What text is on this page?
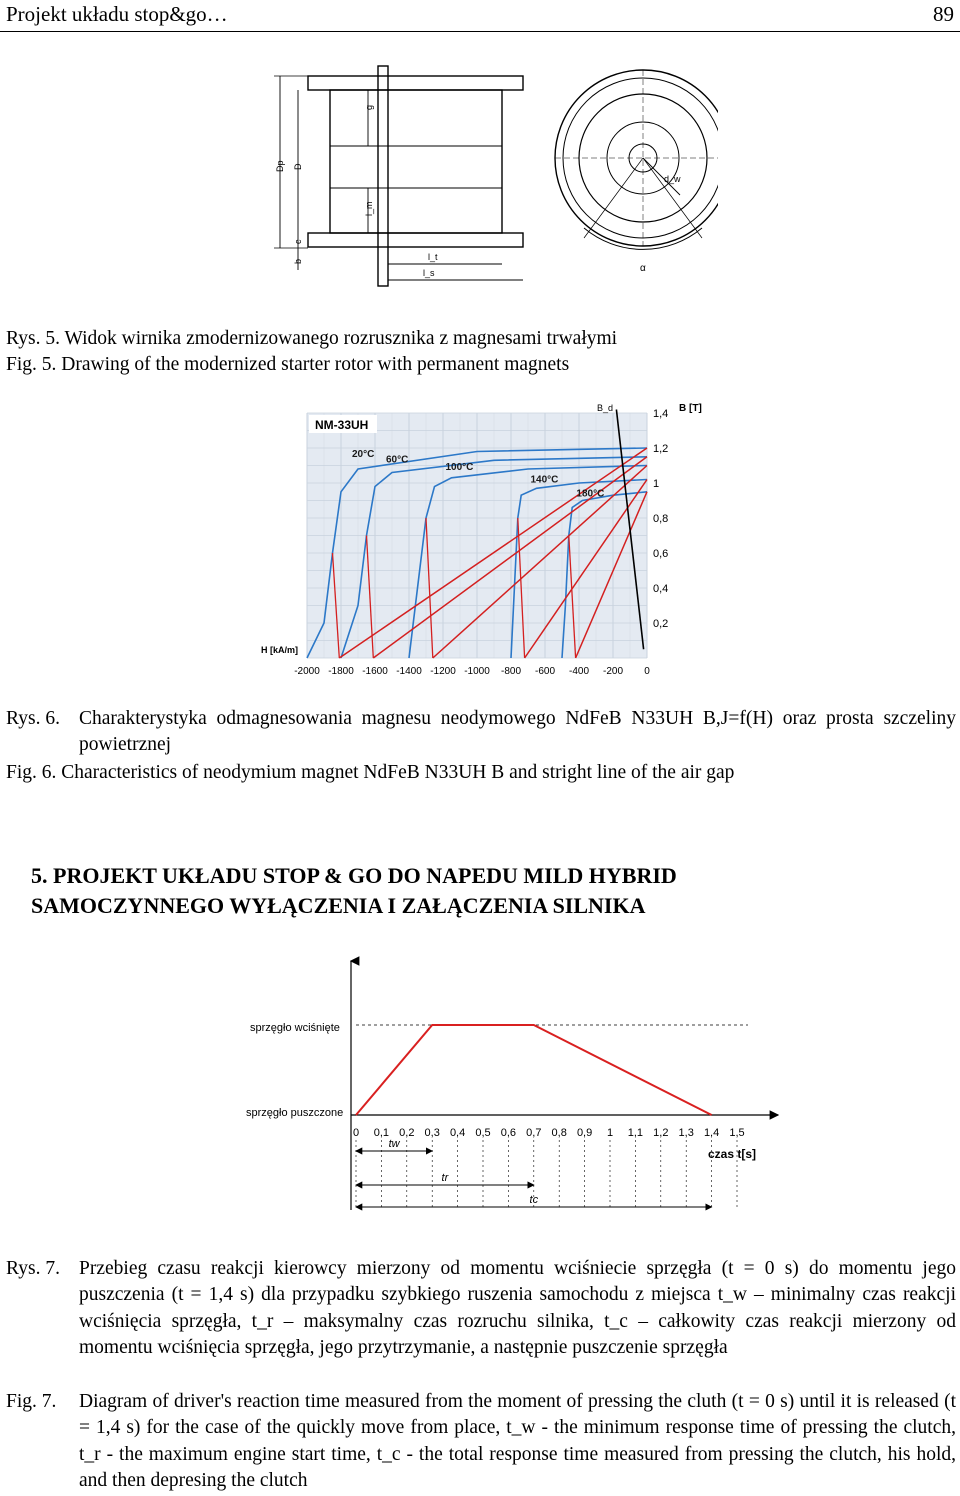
Projekt układu stop&go…	89
g
D
Dp
l_m
c
b	l_t
l_s
d_w
α
Rys. 5. Widok wirnika zmodernizowanego rozrusznika z magnesami trwałymi
Fig. 5. Drawing of the modernized starter rotor with permanent magnets
NM-33UH
B [T]
B_d
H [kA/m]
1,4
1,2
1
0,8
0,6
0,4
0,2
-2000 -1800 -1600 -1400 -1200 -1000 -800 -600 -400 -200 0
20°C 60°C
100°C
140°C
180°C
Rys. 6. Charakterystyka odmagnesowania magnesu neodymowego NdFeB N33UH B,J=f(H) oraz prosta szczeliny powietrznej
Fig. 6. Characteristics of neodymium magnet NdFeB N33UH B and stright line of the air gap
5. PROJEKT UKŁADU STOP & GO DO NAPEDU MILD HYBRID
SAMOCZYNNEGO WYŁĄCZENIA I ZAŁĄCZENIA SILNIKA
sprzęgło wciśnięte
sprzęgło puszczone
0 0,1 0,2 0,3 0,4 0,5 0,6 0,7 0,8 0,9 1 1,1 1,2 1,3 1,4 1,5
czas t[s]
tw
tr
tc
Rys. 7. Przebieg czasu reakcji kierowcy mierzony od momentu wciśniecie sprzęgła (t = 0 s) do momentu jego puszczenia (t = 1,4 s) dla przypadku szybkiego ruszenia samochodu z miejsca t_w – minimalny czas reakcji wciśnięcia sprzęgła, t_r – maksymalny czas rozruchu silnika, t_c – całkowity czas reakcji mierzony od momentu wciśnięcia sprzęgła, jego przytrzymanie, a następnie puszczenie sprzęgła
Fig. 7. Diagram of driver's reaction time measured from the moment of pressing the cluth (t = 0 s) until it is released (t = 1,4 s) for the case of the quickly move from place, t_w - the minimum response time of pressing the clutch, t_r - the maximum engine start time, t_c - the total response time measured from pressing the clutch, his hold, and then depresing the clutch
